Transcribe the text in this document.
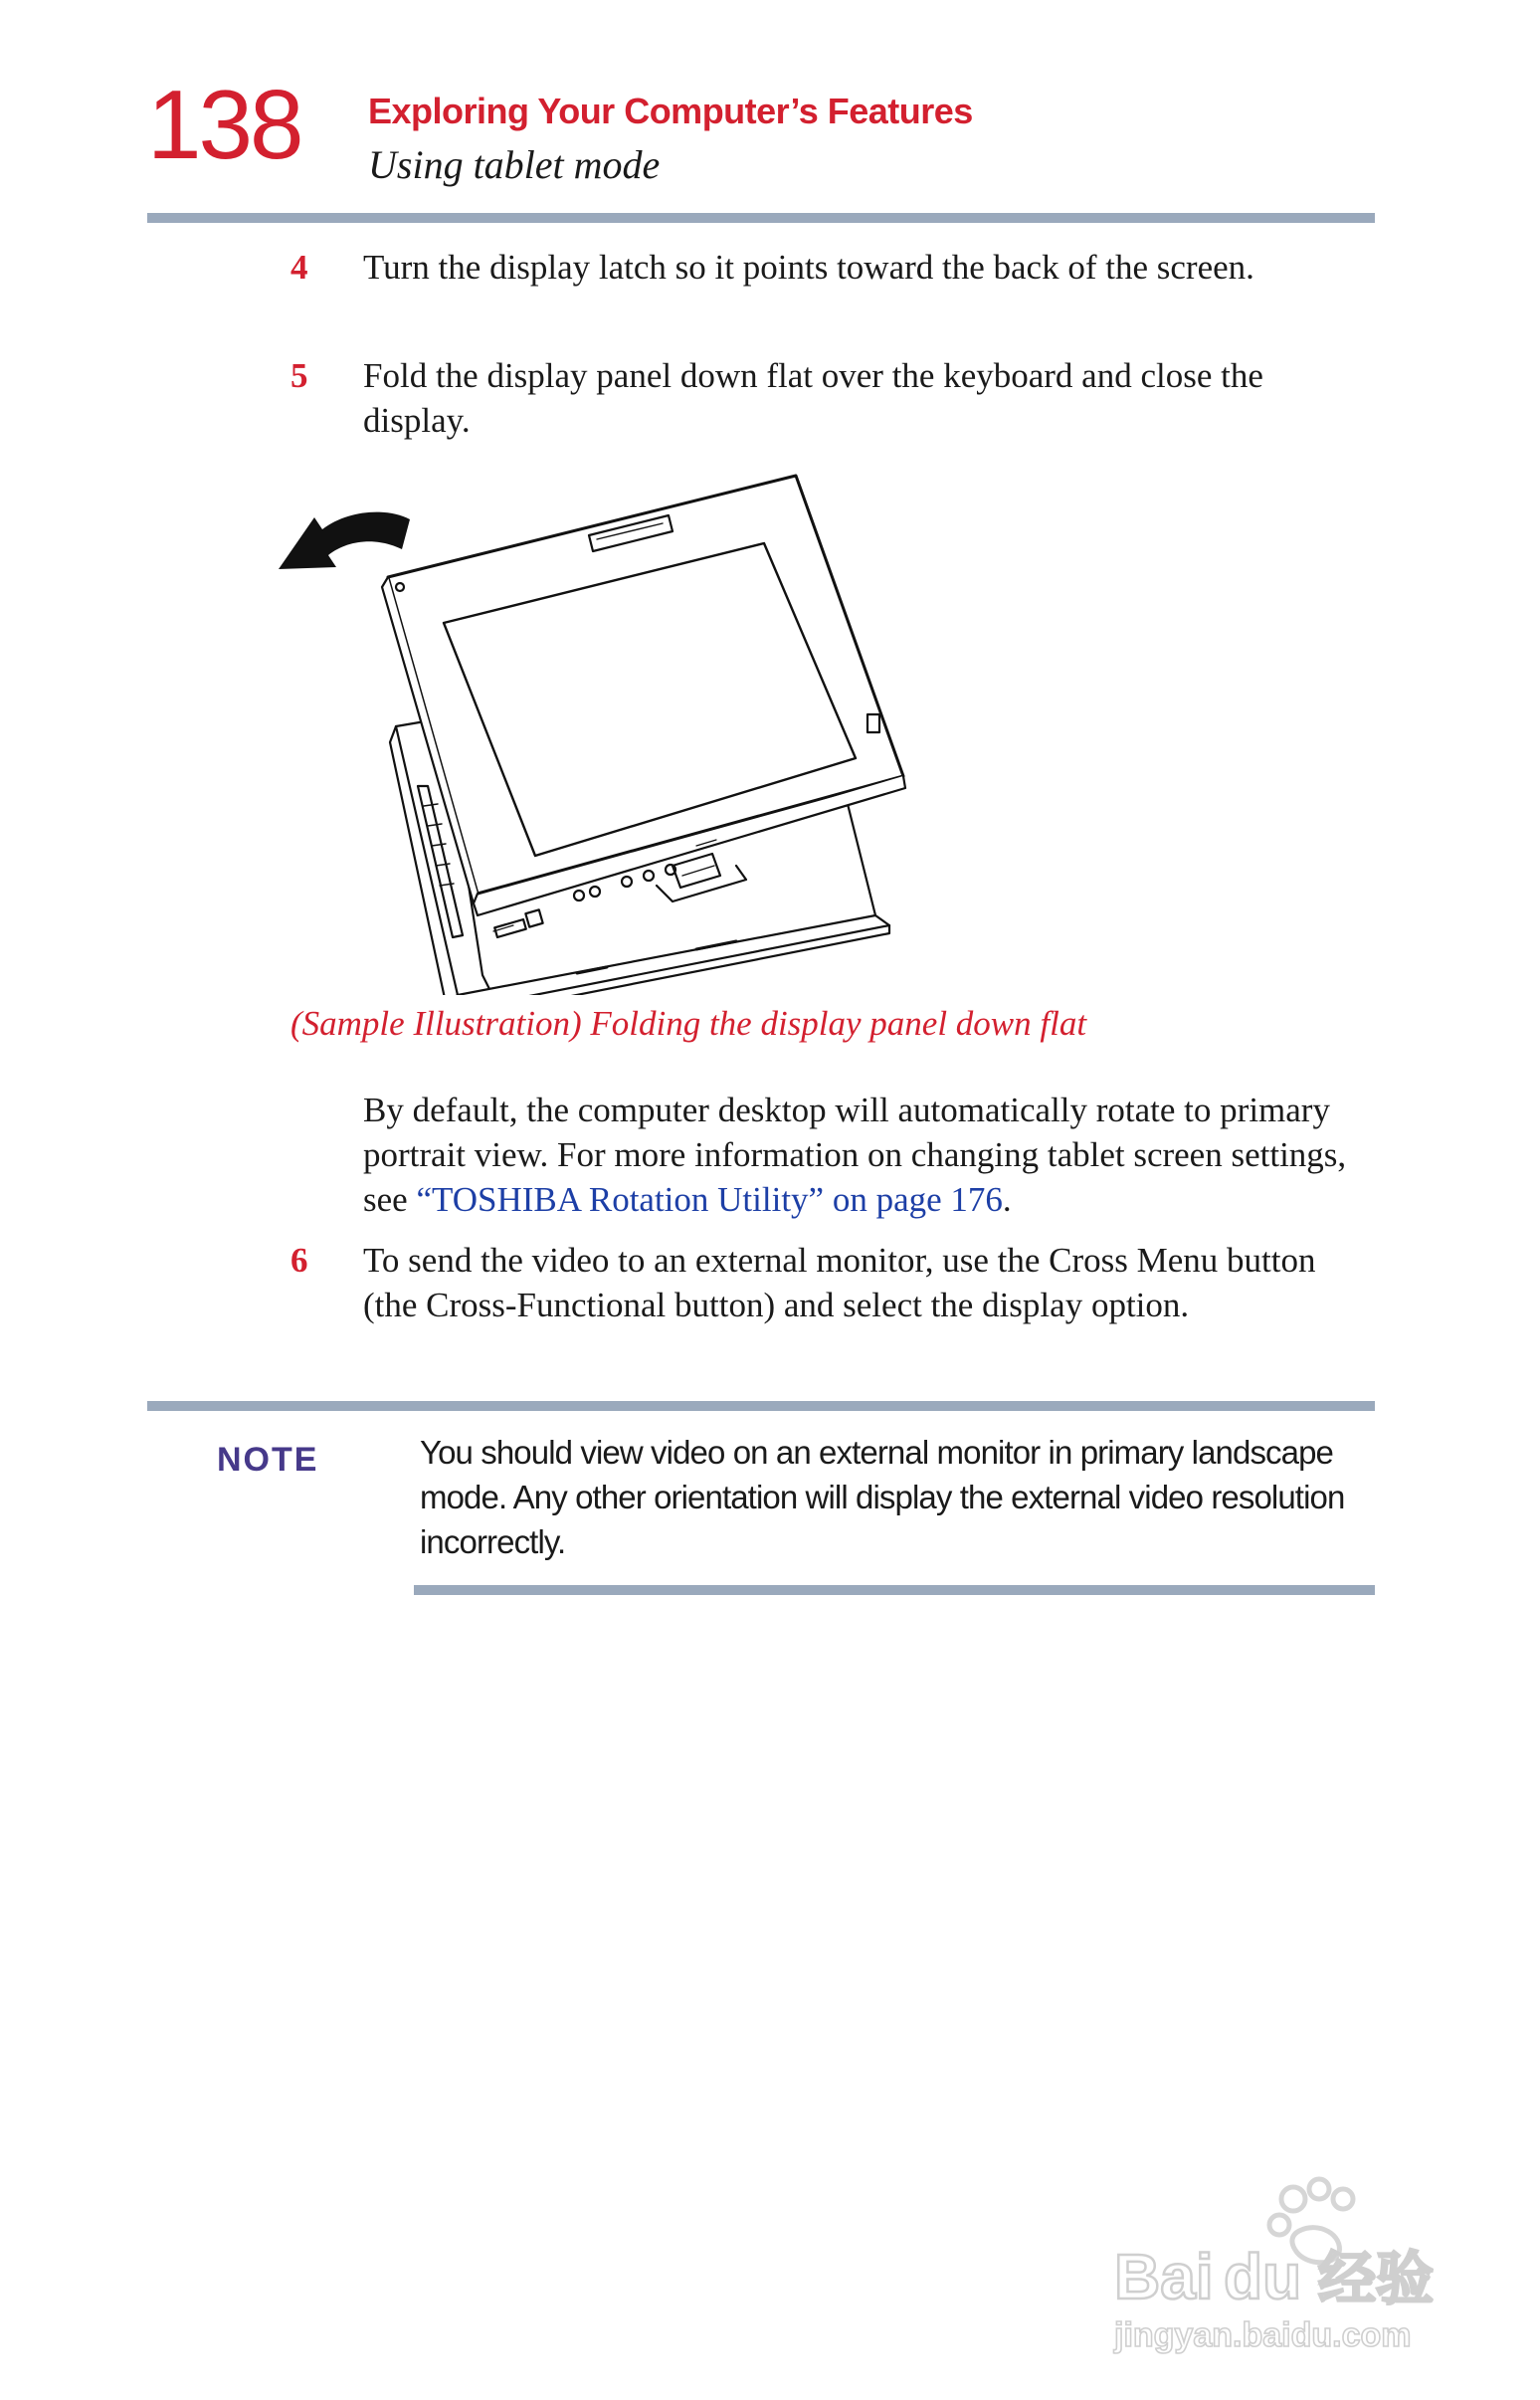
138 Exploring Your Computer’s Features
Using tablet mode
4 Turn the display latch so it points toward the back of the screen.
5 Fold the display panel down flat over the keyboard and close the display.
(Sample Illustration) Folding the display panel down flat
By default, the computer desktop will automatically rotate to primary portrait view. For more information on changing tablet screen settings, see “TOSHIBA Rotation Utility” on page 176.
6 To send the video to an external monitor, use the Cross Menu button (the Cross-Functional button) and select the display option.
NOTE	You should view video on an external monitor in primary landscape mode. Any other orientation will display the external video resolution incorrectly.
Bai du 经验
jingyan.baidu.com
